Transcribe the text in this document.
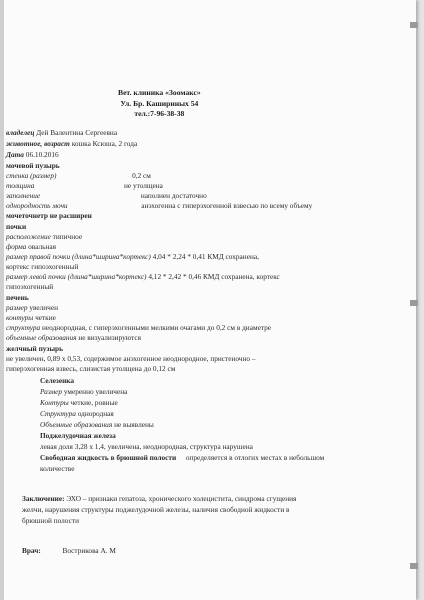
Вет. клиника «Зоомакс»
Ул. Бр. Кашириных 54
тел.:7-96-38-38
владелец Дей Валентина Сергеевна
животное, возраст кошка Ксюша, 2 года
Дата 06.10.2016
мочевой пузырь
стенка (размер)	0,2 см
толщина	не утолщена
заполнение	наполнен достаточно
однородность мочи	анэхогенна с гиперэхогенной взвесью по всему объему
мочеточнетр не расширен
почки
расположение типичное
форма овальная
размер правой почки (длина*ширина*кортекс) 4,04 * 2,24 * 0,41 КМД сохранена,
кортекс гипоэхогенный
размер левой почки (длина*ширина*кортекс) 4,12 * 2,42 * 0,46 КМД сохранена, кортекс
гипоэхогенный
печень
размер увеличен
контуры четкие
структура неоднородная, с гиперэхогенными мелкими очагами до 0,2 см в диаметре
объемные образования не визуализируются
желчный пузырь
не увеличен, 0,89 х 0,53, содержимое анэхогенное неоднородное, пристеночно –
гиперэхогенная взвесь, слизистая утолщена до 0,12 см
Селезенка
Размер умеренно увеличена
Контуры четкие, ровные
Структура однородная
Объемные образования не выявлены
Поджелудочная железа
левая доля 3,28 х 1,4, увеличена, неоднородная, структура нарушена
Свободная жидкость в брюшной полости определяется в отлогих местах в небольшом
количестве
Заключение: ЭХО – признаки гепатоза, хронического холецистита, синдрома сгущения
желчи, нарушения структуры поджелудочной железы, наличия свободной жидкости в
брюшной полости
Врач:	Вострикова А. М
